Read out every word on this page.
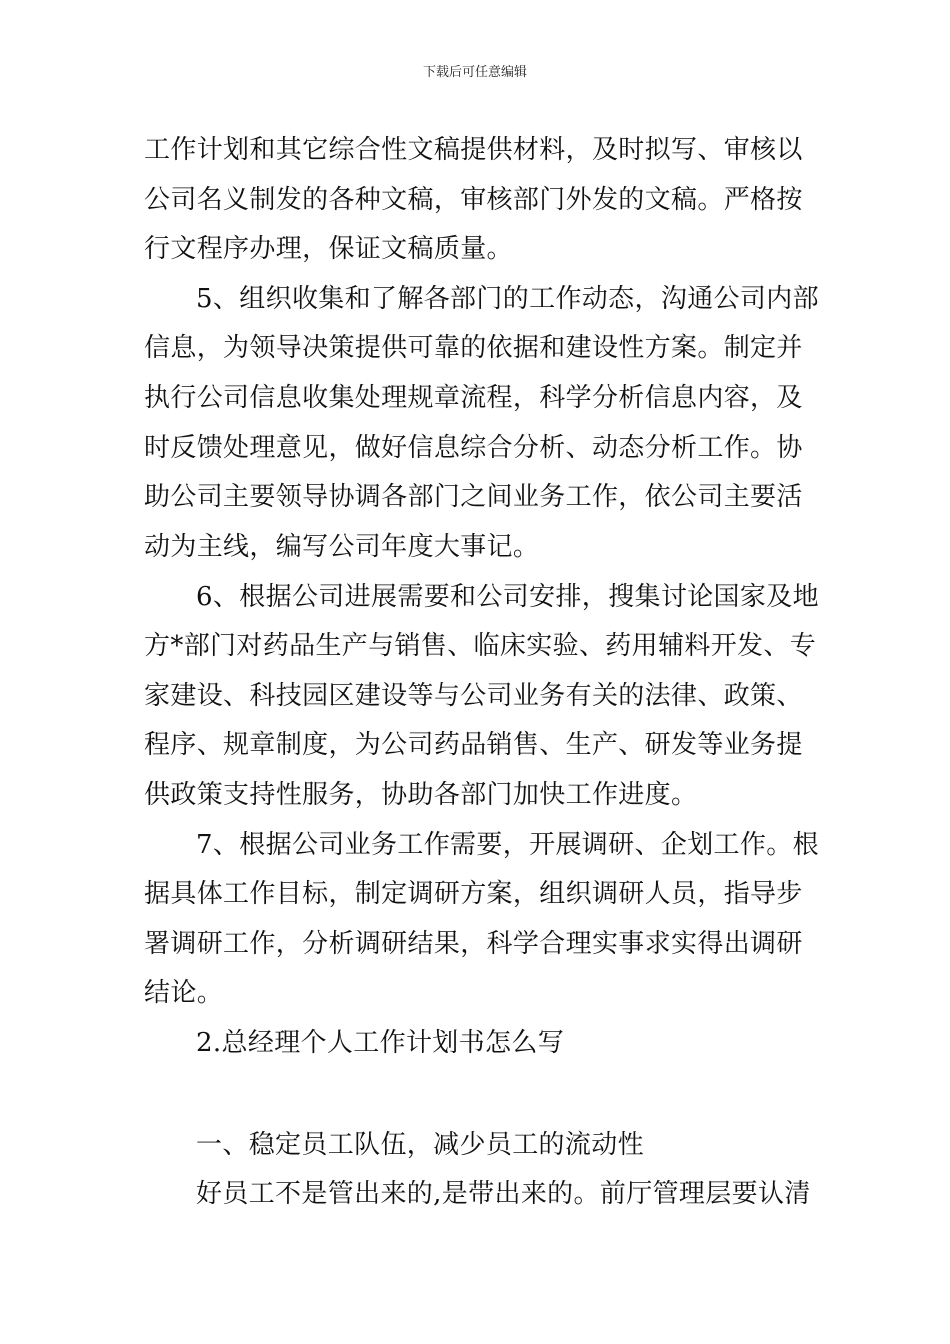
下载后可任意编辑
工作计划和其它综合性文稿提供材料，及时拟写、审核以
公司名义制发的各种文稿，审核部门外发的文稿。严格按
行文程序办理，保证文稿质量。
5、组织收集和了解各部门的工作动态，沟通公司内部
信息，为领导决策提供可靠的依据和建设性方案。制定并
执行公司信息收集处理规章流程，科学分析信息内容，及
时反馈处理意见，做好信息综合分析、动态分析工作。协
助公司主要领导协调各部门之间业务工作，依公司主要活
动为主线，编写公司年度大事记。
6、根据公司进展需要和公司安排，搜集讨论国家及地
方*部门对药品生产与销售、临床实验、药用辅料开发、专
家建设、科技园区建设等与公司业务有关的法律、政策、
程序、规章制度，为公司药品销售、生产、研发等业务提
供政策支持性服务，协助各部门加快工作进度。
7、根据公司业务工作需要，开展调研、企划工作。根
据具体工作目标，制定调研方案，组织调研人员，指导步
署调研工作，分析调研结果，科学合理实事求实得出调研
结论。
2.总经理个人工作计划书怎么写
一、稳定员工队伍，减少员工的流动性
好员工不是管出来的,是带出来的。前厅管理层要认清
